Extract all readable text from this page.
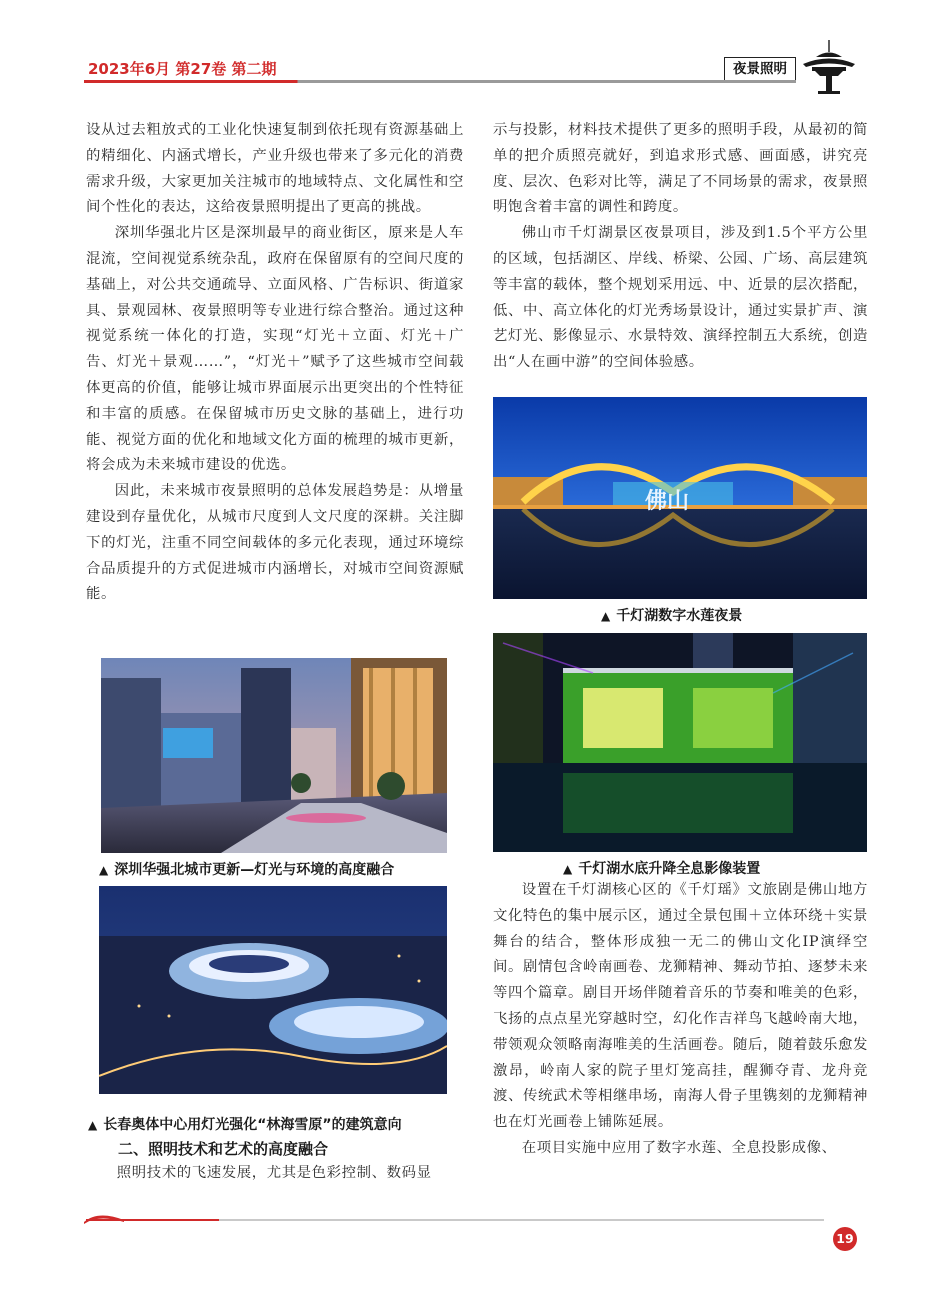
2023年6月 第27卷 第二期	夜景照明

设从过去粗放式的工业化快速复制到依托现有资源基础上的精细化、内涵式增长，产业升级也带来了多元化的消费需求升级，大家更加关注城市的地域特点、文化属性和空间个性化的表达，这给夜景照明提出了更高的挑战。

深圳华强北片区是深圳最早的商业街区，原来是人车混流，空间视觉系统杂乱，政府在保留原有的空间尺度的基础上，对公共交通疏导、立面风格、广告标识、街道家具、景观园林、夜景照明等专业进行综合整治。通过这种视觉系统一体化的打造，实现“灯光＋立面、灯光＋广告、灯光＋景观……”，“灯光＋”赋予了这些城市空间载体更高的价值，能够让城市界面展示出更突出的个性特征和丰富的质感。在保留城市历史文脉的基础上，进行功能、视觉方面的优化和地域文化方面的梳理的城市更新，将会成为未来城市建设的优选。

因此，未来城市夜景照明的总体发展趋势是：从增量建设到存量优化，从城市尺度到人文尺度的深耕。关注脚下的灯光，注重不同空间载体的多元化表现，通过环境综合品质提升的方式促进城市内涵增长，对城市空间资源赋能。

示与投影，材料技术提供了更多的照明手段，从最初的简单的把介质照亮就好，到追求形式感、画面感，讲究亮度、层次、色彩对比等，满足了不同场景的需求，夜景照明饱含着丰富的调性和跨度。

佛山市千灯湖景区夜景项目，涉及到1.5个平方公里的区域，包括湖区、岸线、桥梁、公园、广场、高层建筑等丰富的载体，整个规划采用远、中、近景的层次搭配，低、中、高立体化的灯光秀场景设计，通过实景扩声、演艺灯光、影像显示、水景特效、演绎控制五大系统，创造出“人在画中游”的空间体验感。

▲ 深圳华强北城市更新—灯光与环境的高度融合
▲ 长春奥体中心用灯光强化“林海雪原”的建筑意向
二、照明技术和艺术的高度融合

照明技术的飞速发展，尤其是色彩控制、数码显

佛山
▲ 千灯湖数字水莲夜景
▲ 千灯湖水底升降全息影像装置

设置在千灯湖核心区的《千灯瑶》文旅剧是佛山地方文化特色的集中展示区，通过全景包围＋立体环绕＋实景舞台的结合，整体形成独一无二的佛山文化IP演绎空间。剧情包含岭南画卷、龙狮精神、舞动节拍、逐梦未来等四个篇章。剧目开场伴随着音乐的节奏和唯美的色彩，飞扬的点点星光穿越时空，幻化作吉祥鸟飞越岭南大地，带领观众领略南海唯美的生活画卷。随后，随着鼓乐愈发激昂，岭南人家的院子里灯笼高挂，醒狮夺青、龙舟竞渡、传统武术等相继串场，南海人骨子里镌刻的龙狮精神也在灯光画卷上铺陈延展。

在项目实施中应用了数字水莲、全息投影成像、

19
